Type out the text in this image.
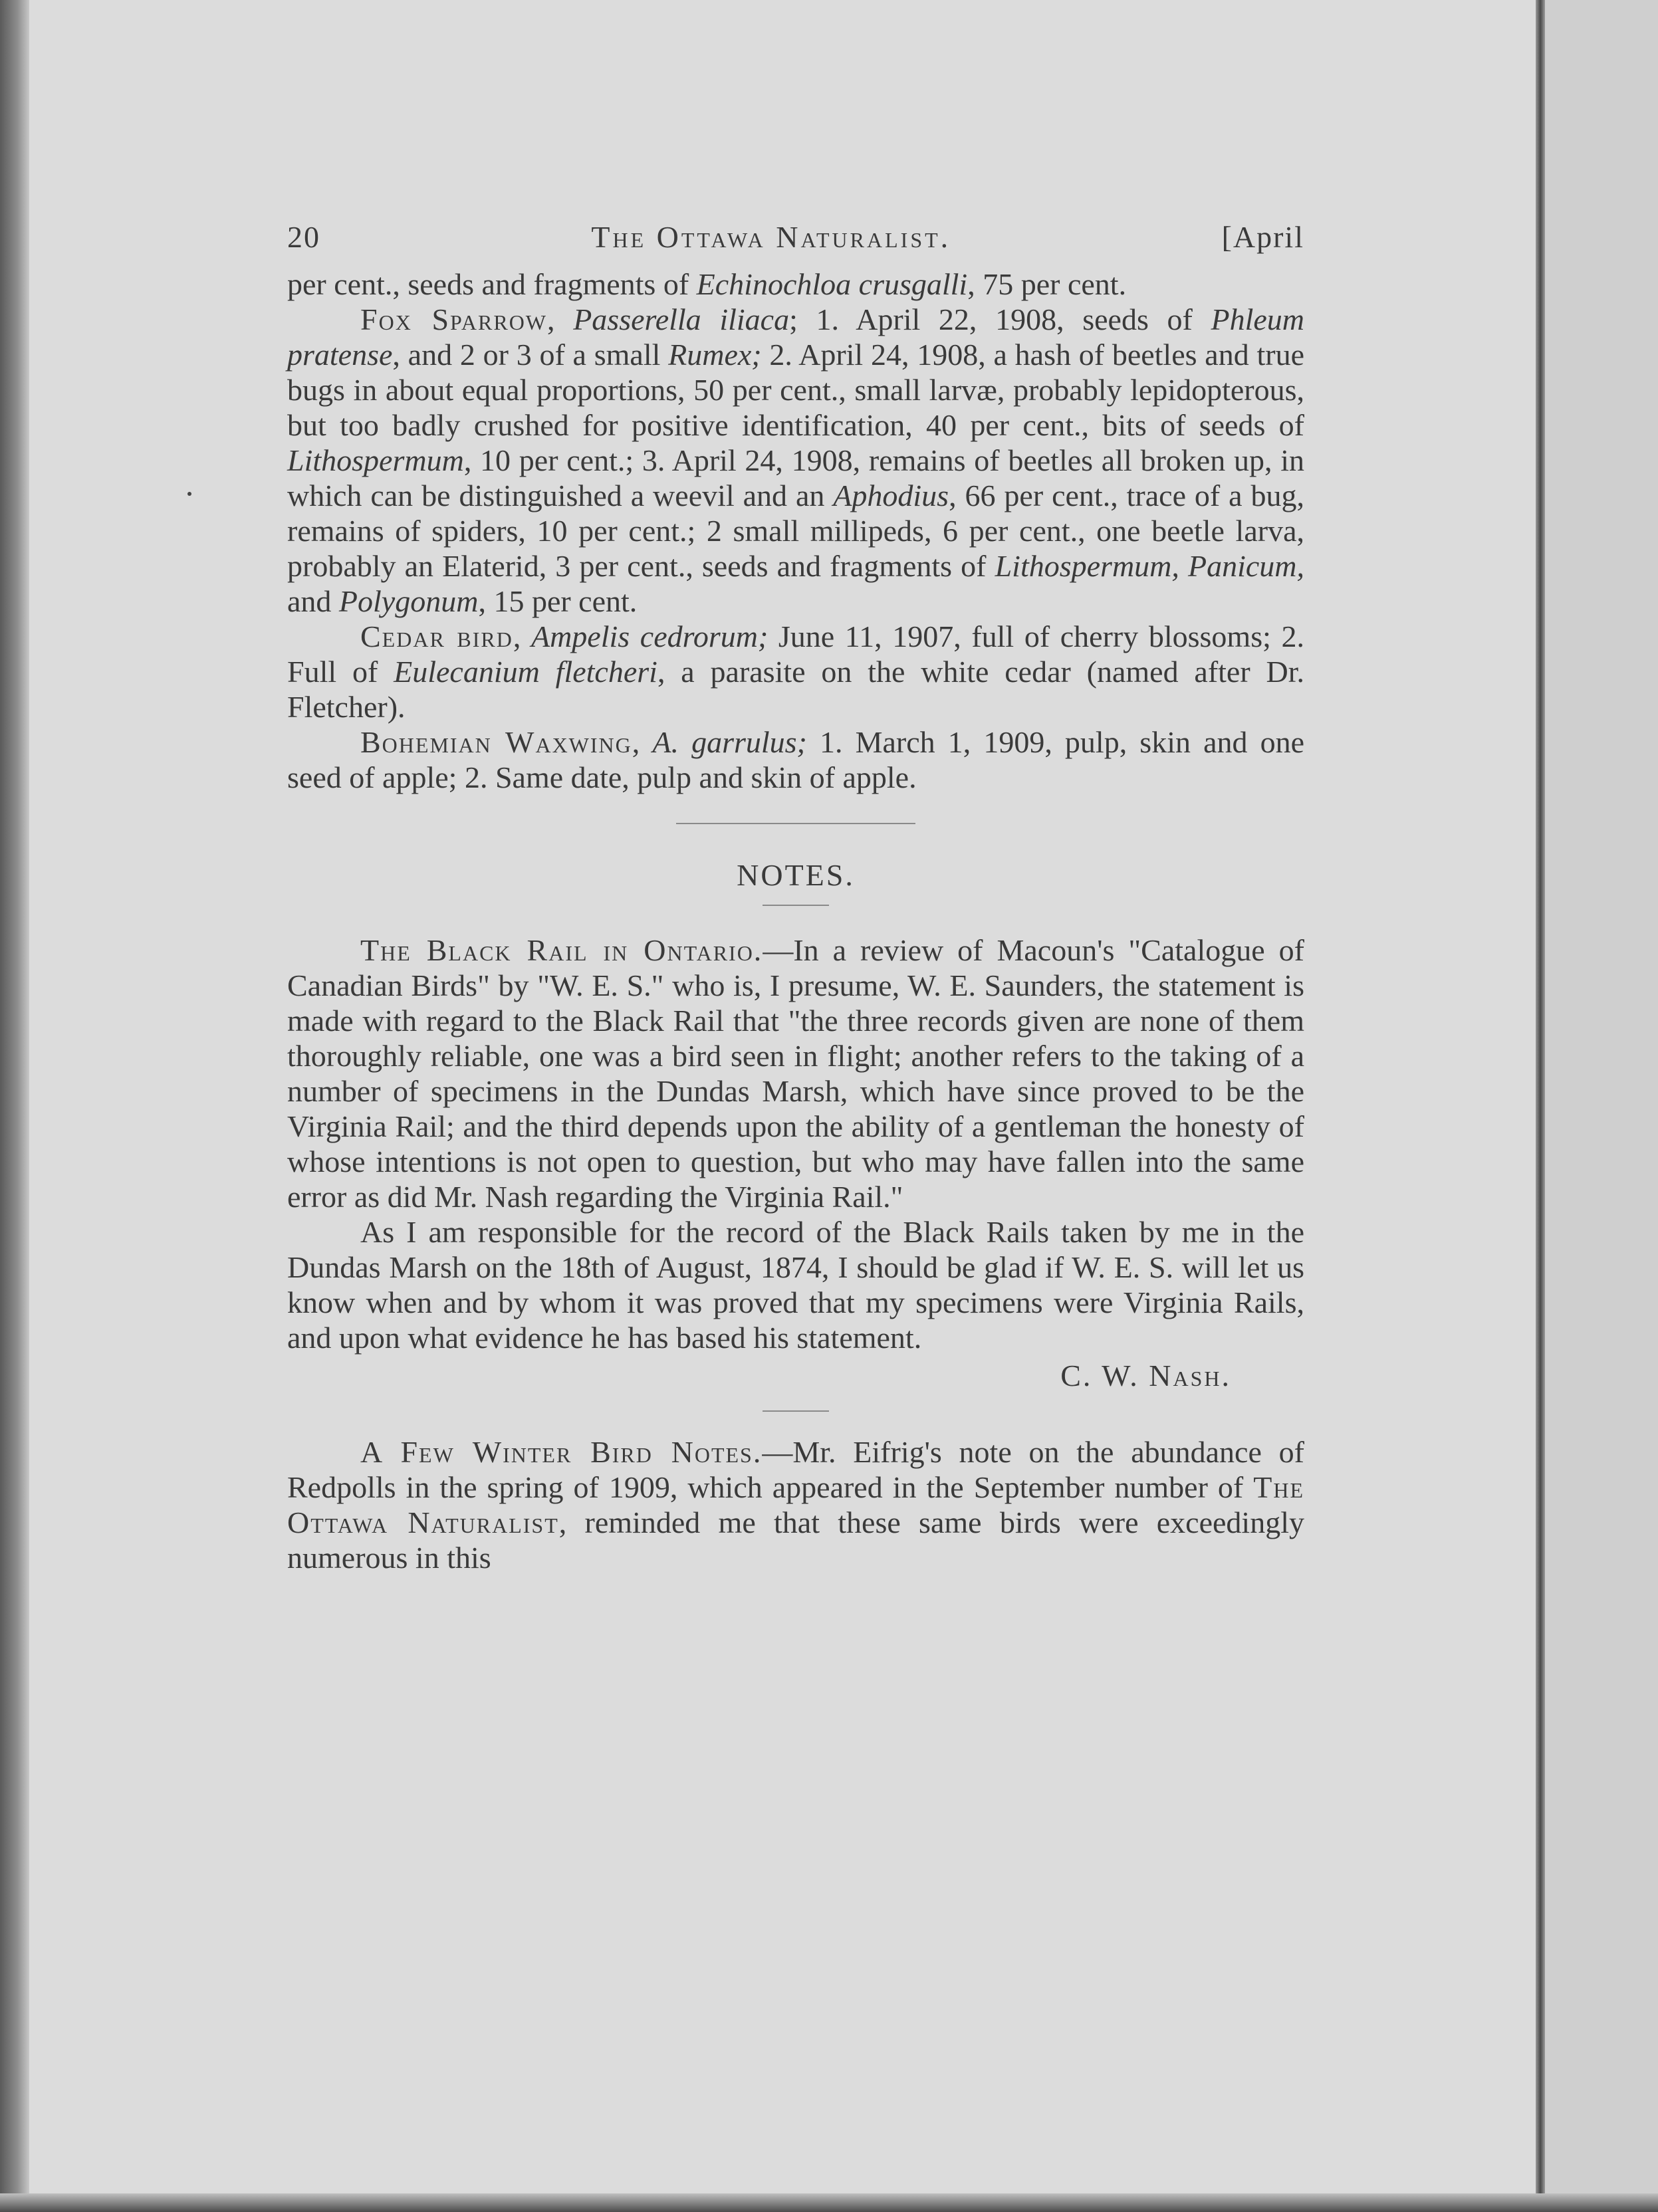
20	The Ottawa Naturalist.	[April

per cent., seeds and fragments of Echinochloa crusgalli, 75 per cent.

Fox Sparrow, Passerella iliaca; 1. April 22, 1908, seeds of Phleum pratense, and 2 or 3 of a small Rumex; 2. April 24, 1908, a hash of beetles and true bugs in about equal proportions, 50 per cent., small larvæ, probably lepidopterous, but too badly crushed for positive identification, 40 per cent., bits of seeds of Lithospermum, 10 per cent.; 3. April 24, 1908, remains of beetles all broken up, in which can be distinguished a weevil and an Aphodius, 66 per cent., trace of a bug, remains of spiders, 10 per cent.; 2 small millipeds, 6 per cent., one beetle larva, probably an Elaterid, 3 per cent., seeds and fragments of Lithospermum, Panicum, and Polygonum, 15 per cent.

Cedar bird, Ampelis cedrorum; June 11, 1907, full of cherry blossoms; 2. Full of Eulecanium fletcheri, a parasite on the white cedar (named after Dr. Fletcher).

Bohemian Waxwing, A. garrulus; 1. March 1, 1909, pulp, skin and one seed of apple; 2. Same date, pulp and skin of apple.

NOTES.

The Black Rail in Ontario.—In a review of Macoun's "Catalogue of Canadian Birds" by "W. E. S." who is, I presume, W. E. Saunders, the statement is made with regard to the Black Rail that "the three records given are none of them thoroughly reliable, one was a bird seen in flight; another refers to the taking of a number of specimens in the Dundas Marsh, which have since proved to be the Virginia Rail; and the third depends upon the ability of a gentleman the honesty of whose intentions is not open to question, but who may have fallen into the same error as did Mr. Nash regarding the Virginia Rail."

As I am responsible for the record of the Black Rails taken by me in the Dundas Marsh on the 18th of August, 1874, I should be glad if W. E. S. will let us know when and by whom it was proved that my specimens were Virginia Rails, and upon what evidence he has based his statement.

C. W. Nash.

A Few Winter Bird Notes.—Mr. Eifrig's note on the abundance of Redpolls in the spring of 1909, which appeared in the September number of The Ottawa Naturalist, reminded me that these same birds were exceedingly numerous in this
